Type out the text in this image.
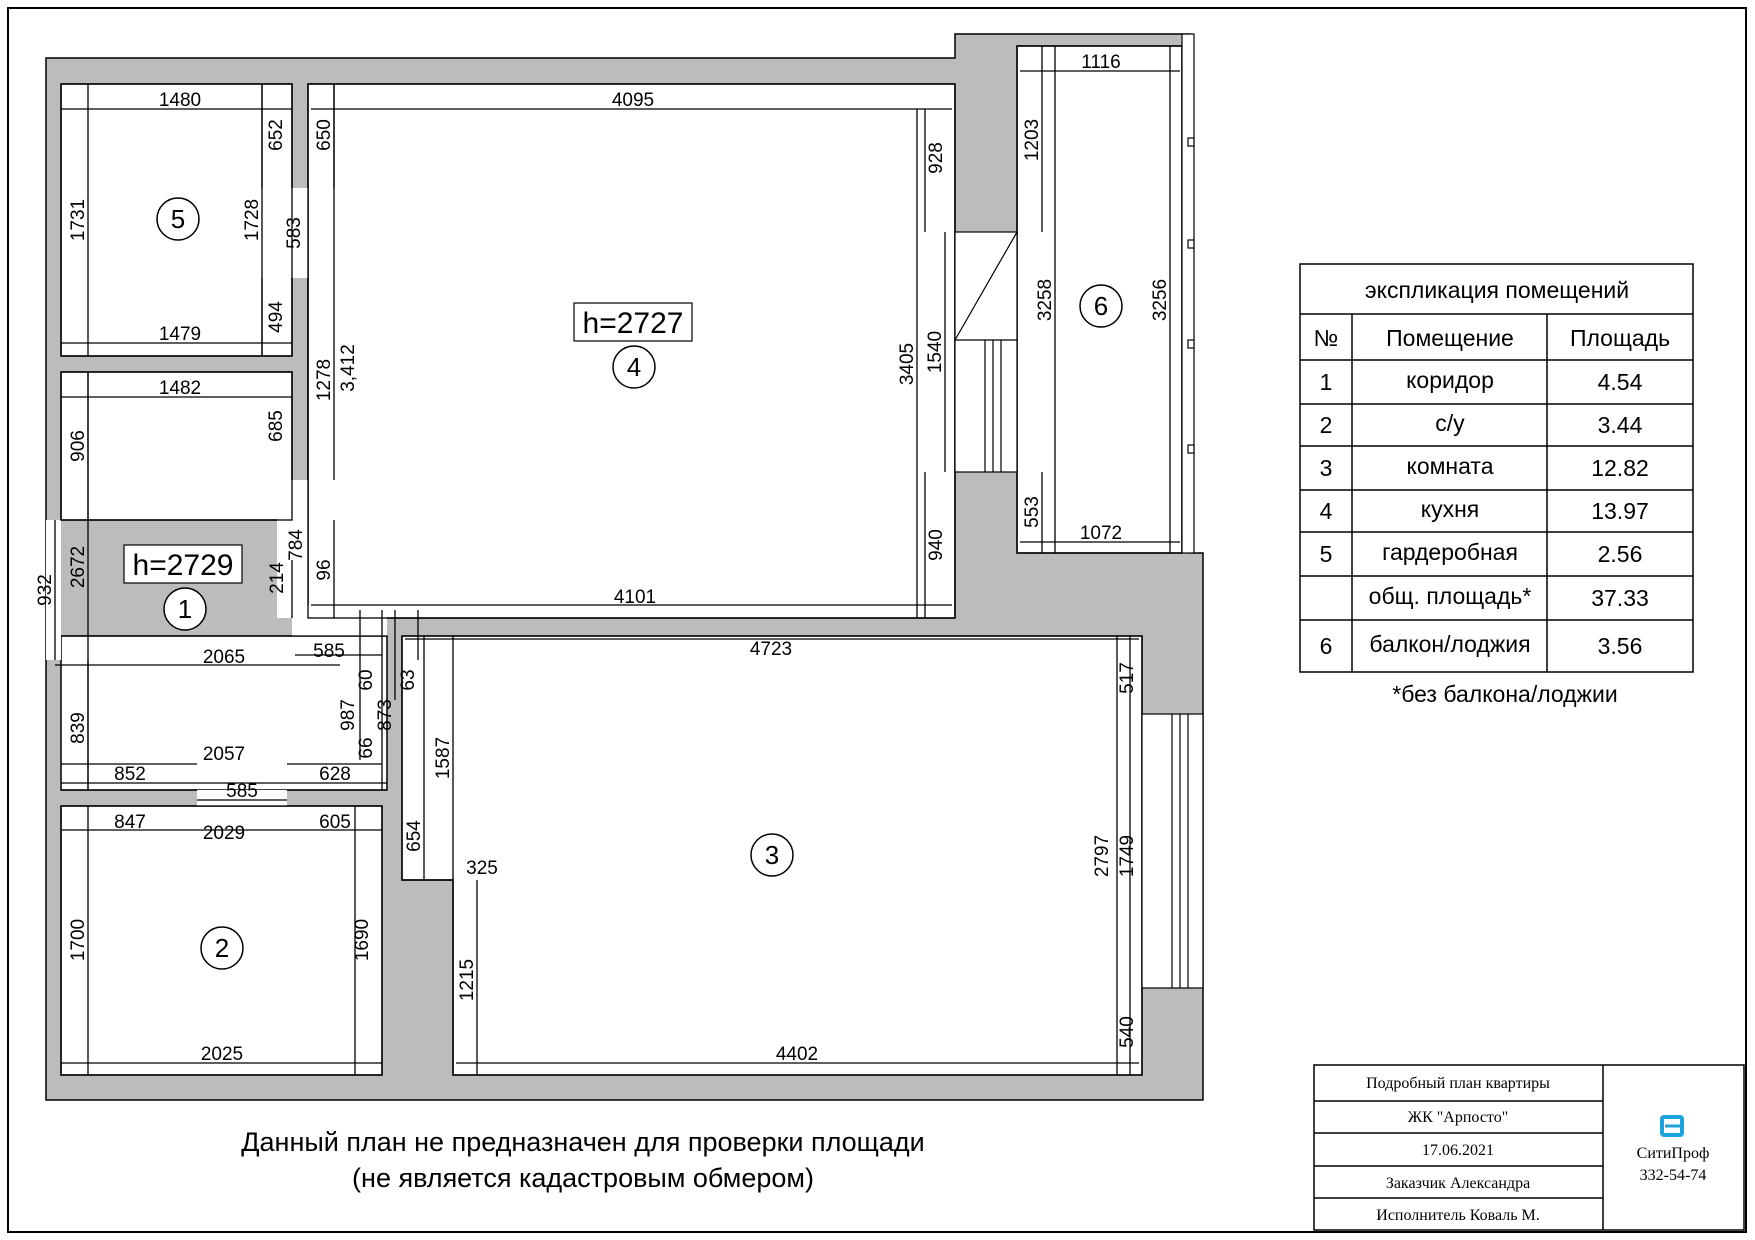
1480	4095
1116
1479
1482
1072
4101
585
2065	4723
2057
852	628
585
847
2029
605
325
2025	4402
652 650
928	1203
1731	1728 583
3405 1540
3258	3256
494
1278 3,412
906
685
553
940
932
2672	214
784
96
60 63	517
839	987 873
66	1587
654	2797 1749
1700	1690
1215
540
5
1
4
6
3
2
h=2729
h=2727
Данный план не предназначен для проверки площади
(не является кадастровым обмером)
экспликация помещений
№ Помещение Площадь
1	коридор	4.54
2	с/у	3.44
3	комната	12.82
4	кухня	13.97
5 гардеробная	2.56
общ. площадь*	37.33
6 балкон/лоджия	3.56
*без балкона/лоджии
Подробный план квартиры
ЖК "Арпосто"
17.06.2021
Заказчик Александра
Исполнитель Коваль М.
СитиПроф
332-54-74
